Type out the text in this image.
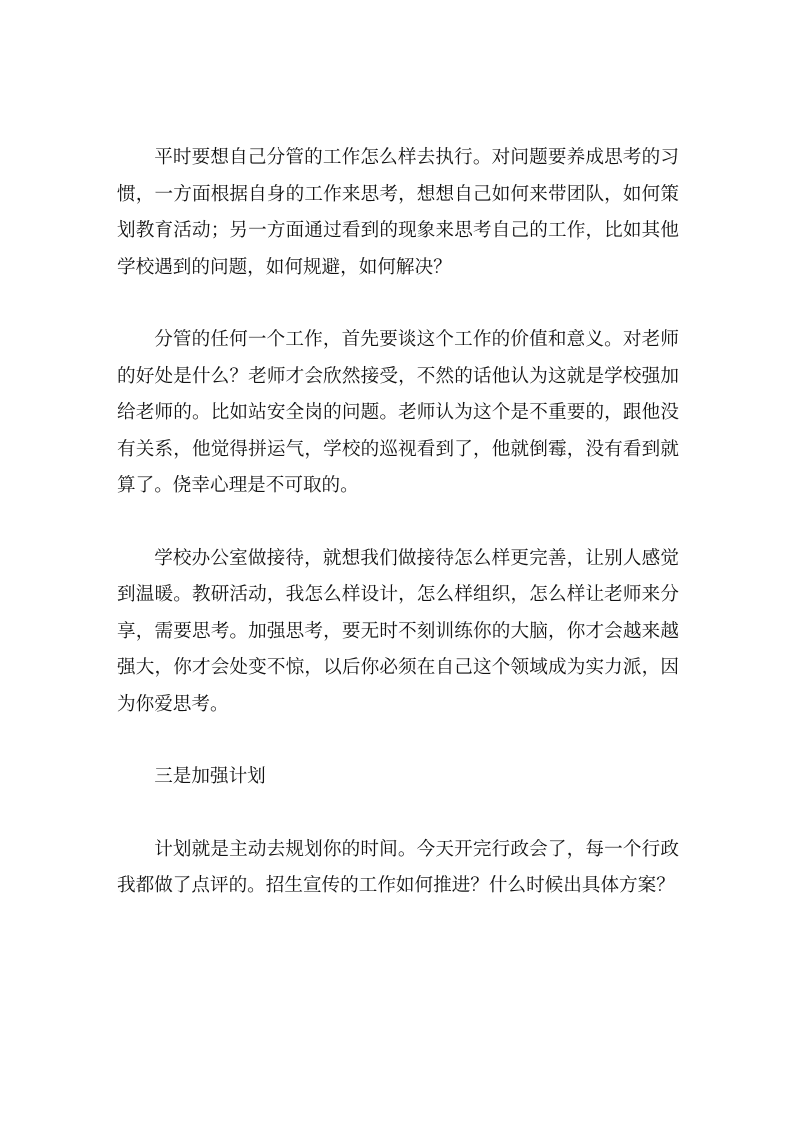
平时要想自己分管的工作怎么样去执行。对问题要养成思考的习惯，一方面根据自身的工作来思考，想想自己如何来带团队，如何策划教育活动；另一方面通过看到的现象来思考自己的工作，比如其他学校遇到的问题，如何规避，如何解决？

分管的任何一个工作，首先要谈这个工作的价值和意义。对老师的好处是什么？老师才会欣然接受，不然的话他认为这就是学校强加给老师的。比如站安全岗的问题。老师认为这个是不重要的，跟他没有关系，他觉得拼运气，学校的巡视看到了，他就倒霉，没有看到就算了。侥幸心理是不可取的。

学校办公室做接待，就想我们做接待怎么样更完善，让别人感觉到温暖。教研活动，我怎么样设计，怎么样组织，怎么样让老师来分享，需要思考。加强思考，要无时不刻训练你的大脑，你才会越来越强大，你才会处变不惊，以后你必须在自己这个领域成为实力派，因为你爱思考。

三是加强计划

计划就是主动去规划你的时间。今天开完行政会了，每一个行政我都做了点评的。招生宣传的工作如何推进？什么时候出具体方案？
